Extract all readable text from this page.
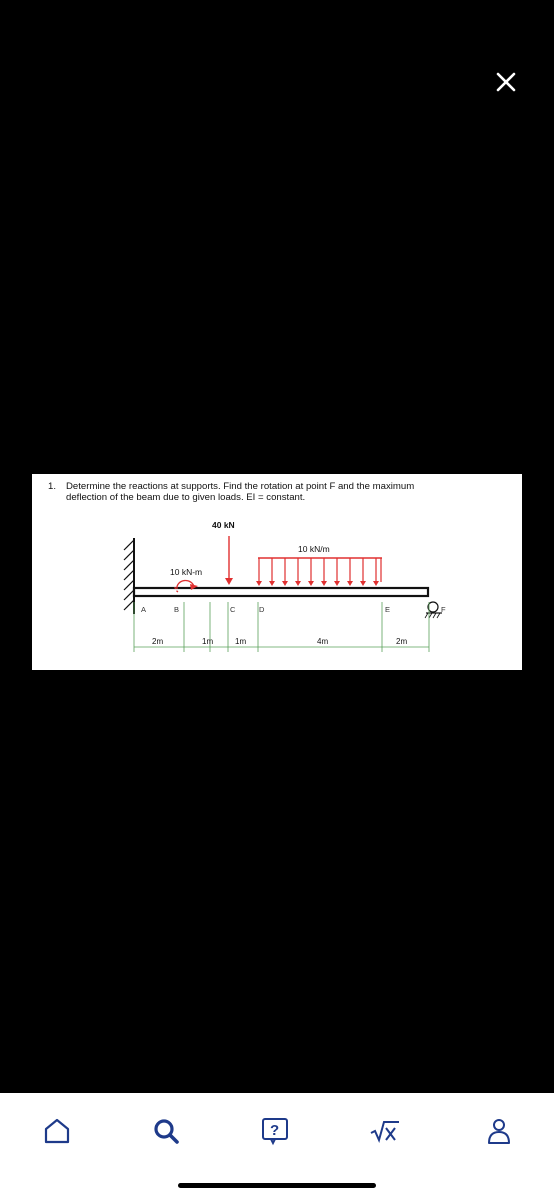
1. Determine the reactions at supports. Find the rotation at point F and the maximum
deflection of the beam due to given loads. EI = constant.
40 kN
10 kN/m
10 kN-m
A	B	C	D	E	F
2m	1m	1m	4m	2m
?
